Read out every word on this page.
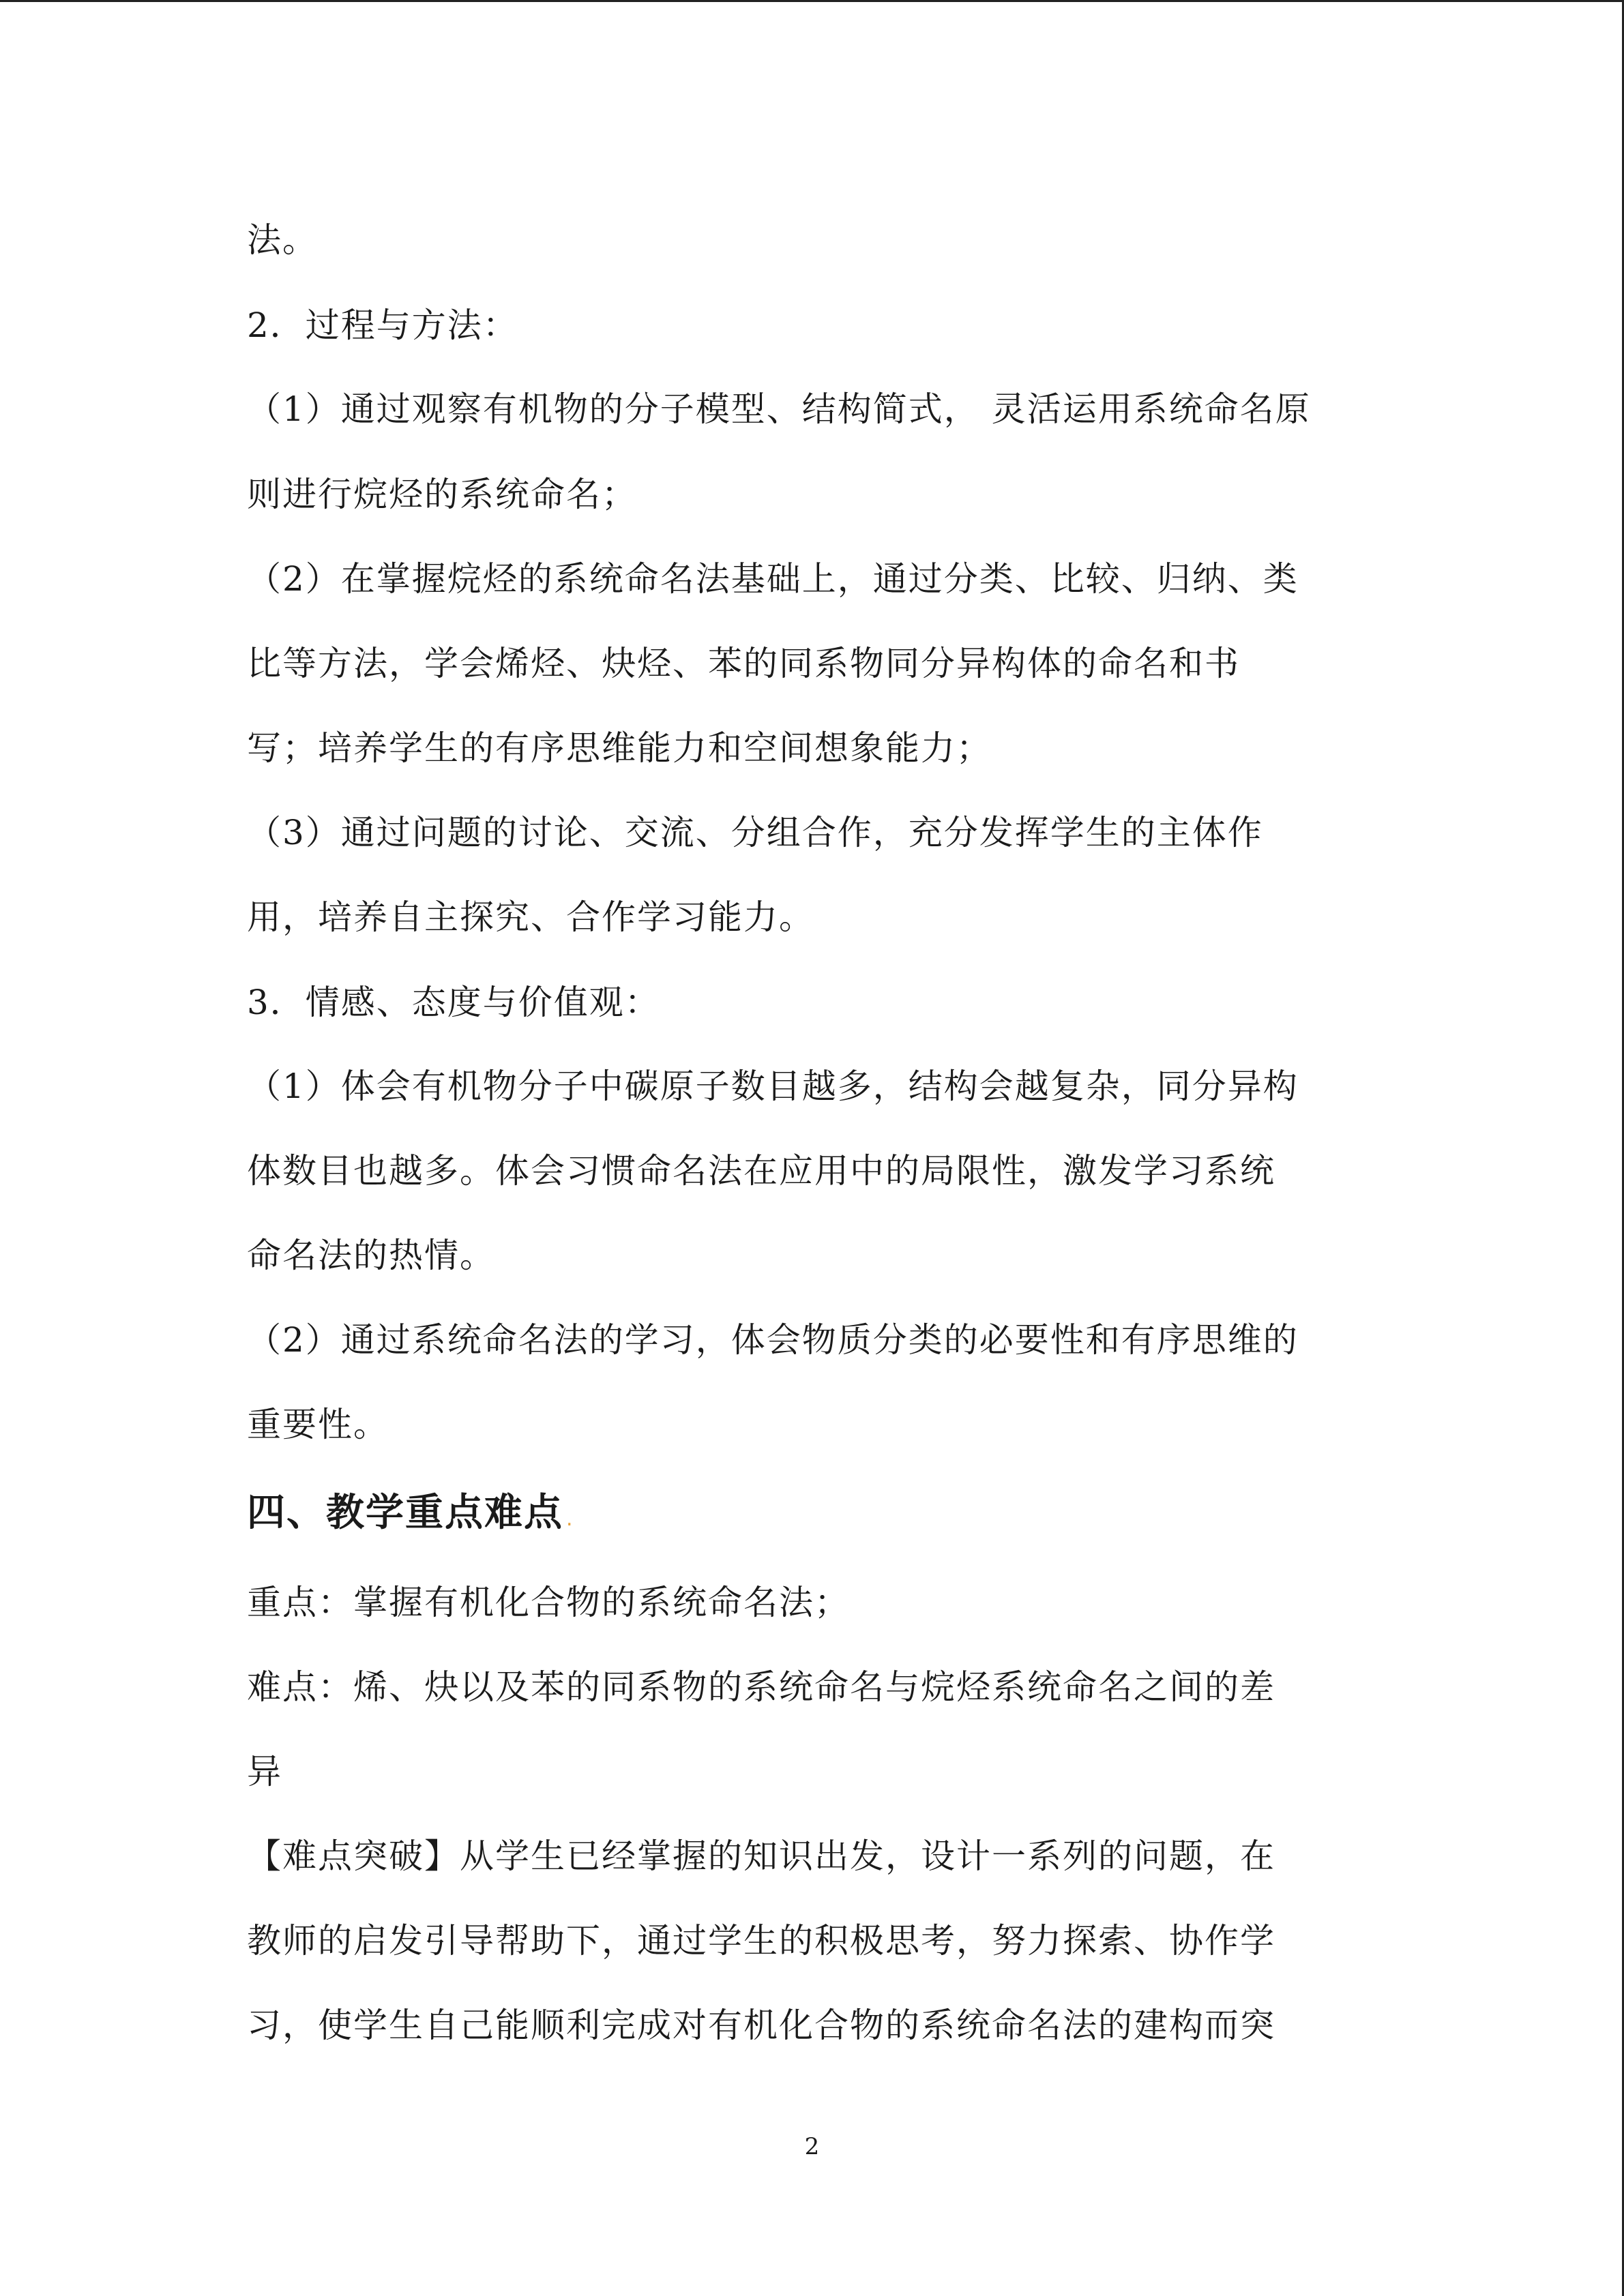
法。
2．过程与方法：
（1）通过观察有机物的分子模型、结构简式， 灵活运用系统命名原
则进行烷烃的系统命名；
（2）在掌握烷烃的系统命名法基础上，通过分类、比较、归纳、类
比等方法，学会烯烃、炔烃、苯的同系物同分异构体的命名和书
写；培养学生的有序思维能力和空间想象能力；
（3）通过问题的讨论、交流、分组合作，充分发挥学生的主体作
用，培养自主探究、合作学习能力。
3．情感、态度与价值观：
（1）体会有机物分子中碳原子数目越多，结构会越复杂，同分异构
体数目也越多。体会习惯命名法在应用中的局限性，激发学习系统
命名法的热情。
（2）通过系统命名法的学习，体会物质分类的必要性和有序思维的
重要性。
四、教学重点难点 .
重点：掌握有机化合物的系统命名法；
难点：烯、炔以及苯的同系物的系统命名与烷烃系统命名之间的差
异
【难点突破】从学生已经掌握的知识出发，设计一系列的问题，在
教师的启发引导帮助下，通过学生的积极思考，努力探索、协作学
习，使学生自己能顺利完成对有机化合物的系统命名法的建构而突
2
